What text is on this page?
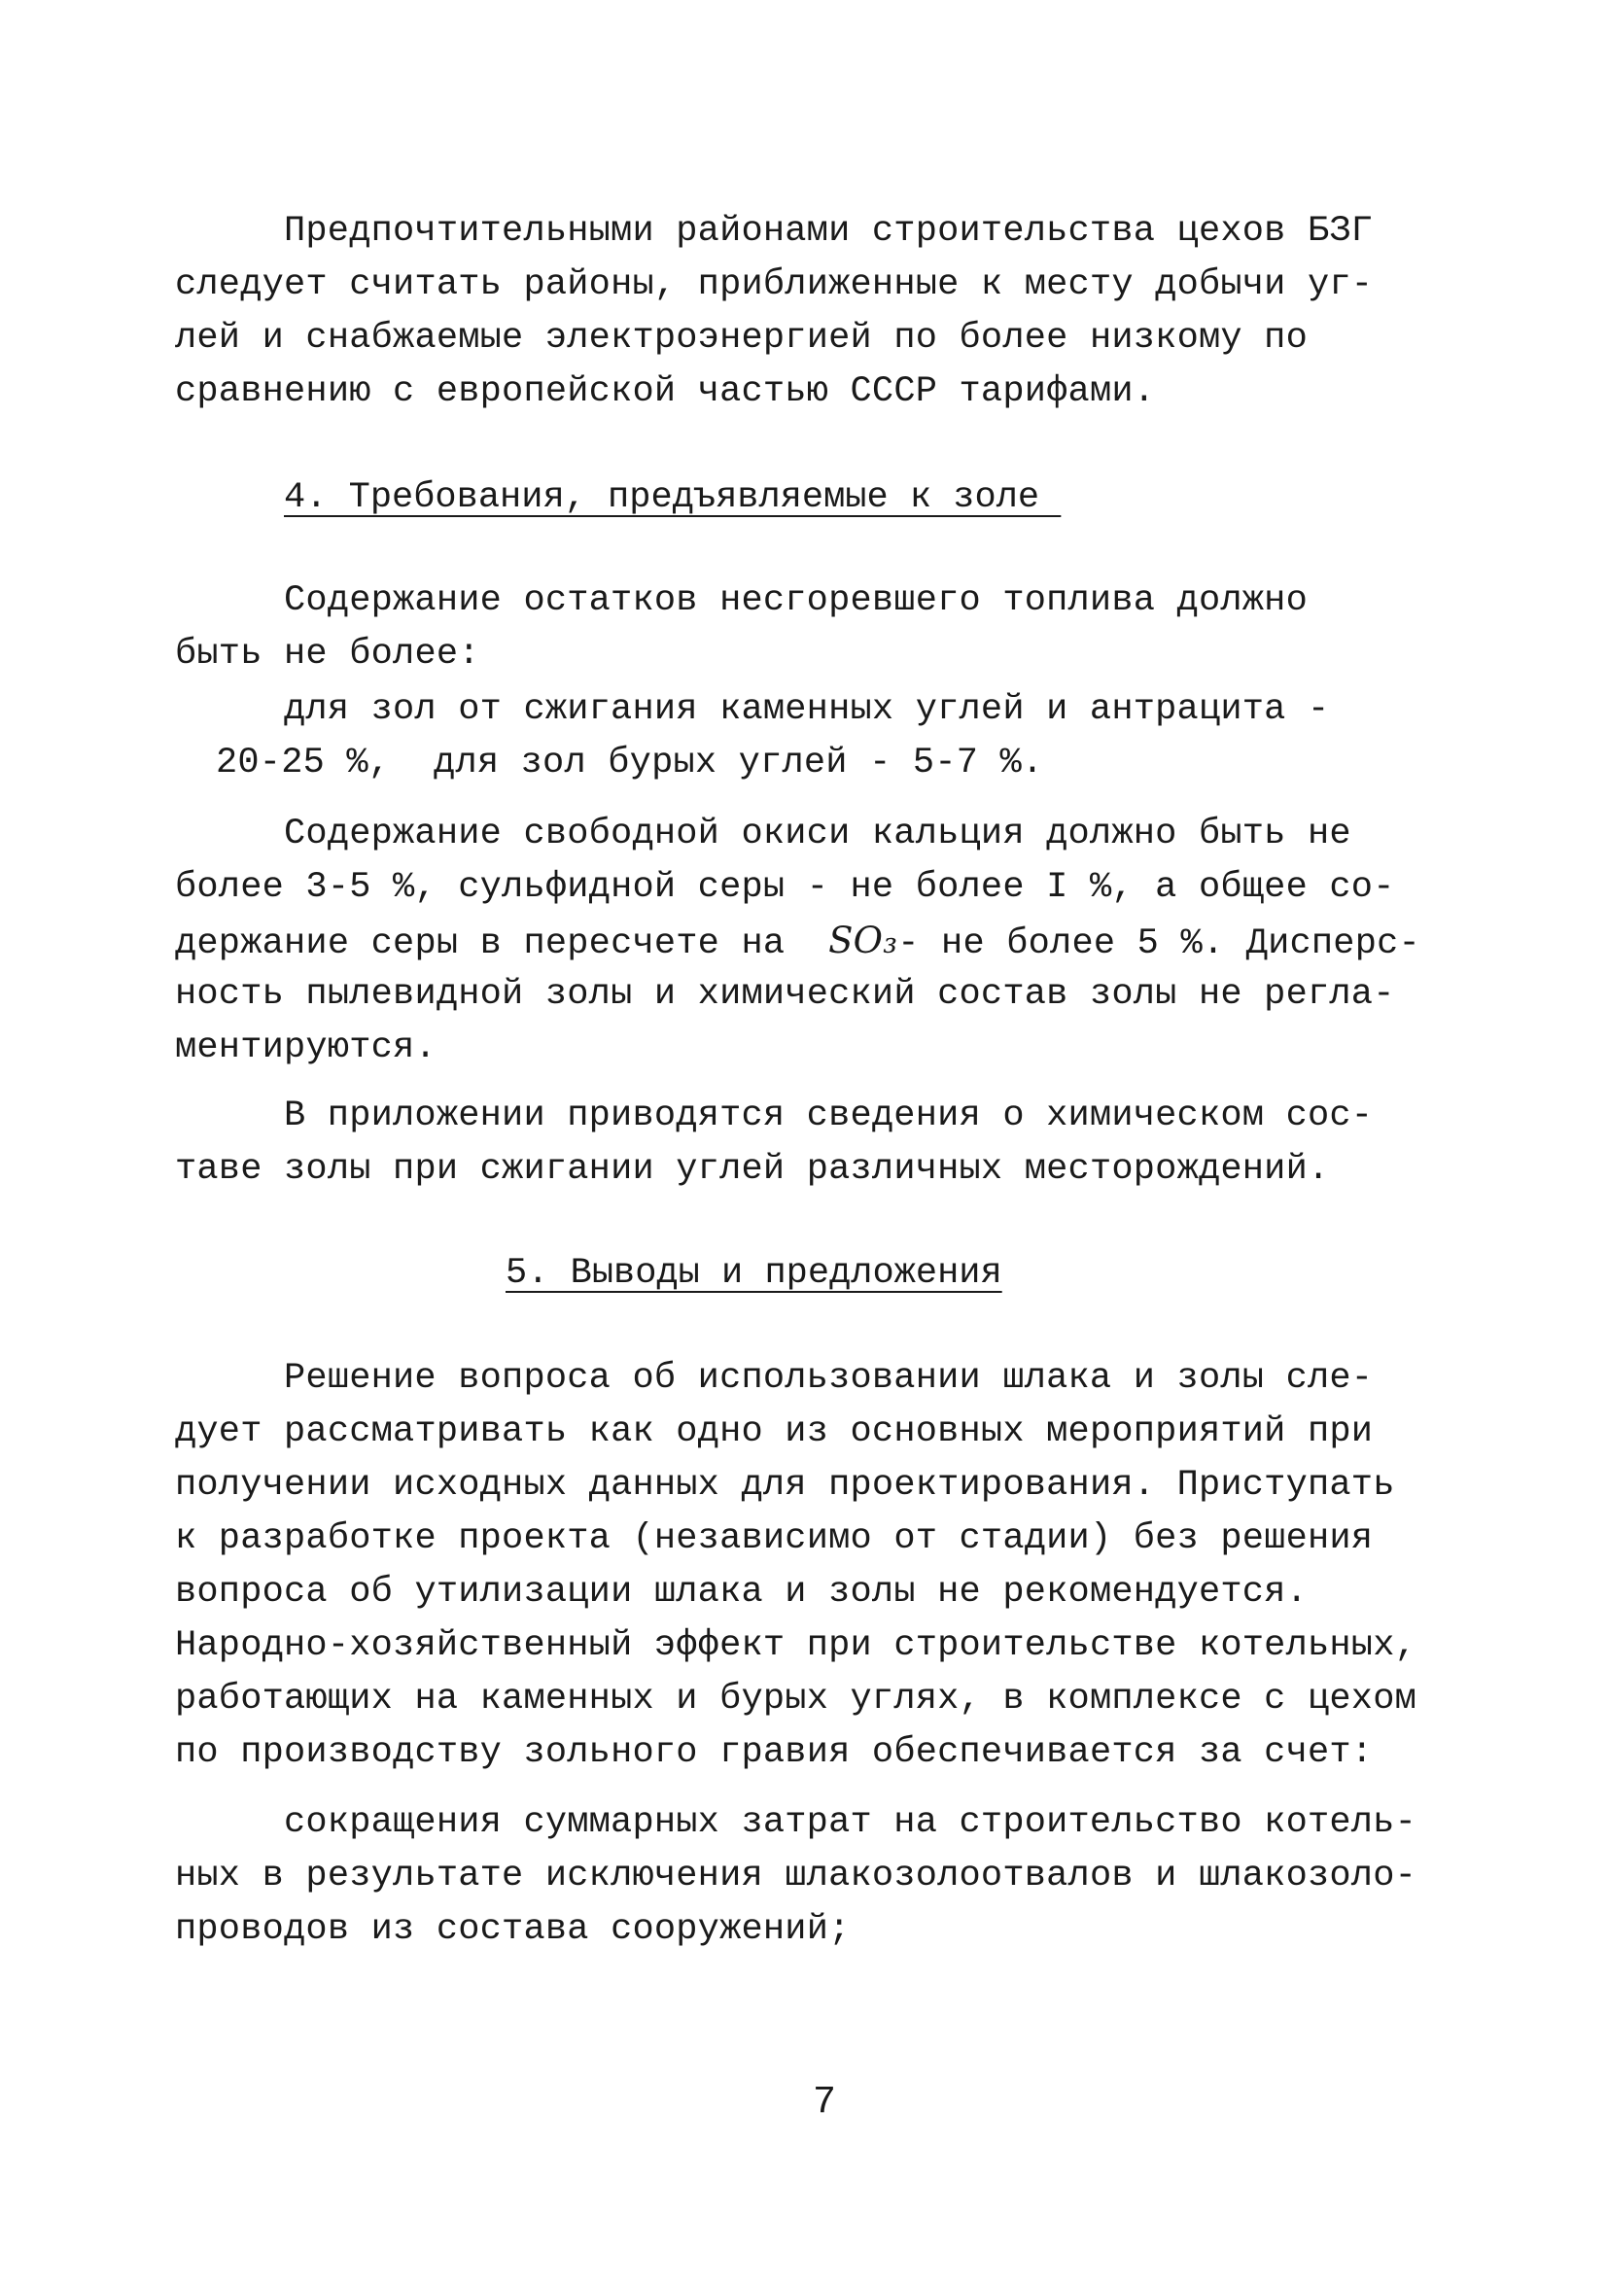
Предпочтительными районами строительства цехов БЗГ
следует считать районы, приближенные к месту добычи уг-
лей и снабжаемые электроэнергией по более низкому по
сравнению с европейской частью СССР тарифами.
4. Требования, предъявляемые к золе
Содержание остатков несгоревшего топлива должно
быть не более:
для зол от сжигания каменных углей и антрацита -
20-25 %,  для зол бурых углей - 5-7 %.
Содержание свободной окиси кальция должно быть не
более 3-5 %, сульфидной серы - не более I %, а общее со-
держание серы в пересчете на  SO₃- не более 5 %. Дисперс-
ность пылевидной золы и химический состав золы не регла-
ментируются.
В приложении приводятся сведения о химическом сос-
таве золы при сжигании углей различных месторождений.
5. Выводы и предложения
Решение вопроса об использовании шлака и золы сле-
дует рассматривать как одно из основных мероприятий при
получении исходных данных для проектирования. Приступать
к разработке проекта (независимо от стадии) без решения
вопроса об утилизации шлака и золы не рекомендуется.
Народно-хозяйственный эффект при строительстве котельных,
работающих на каменных и бурых углях, в комплексе с цехом
по производству зольного гравия обеспечивается за счет:
сокращения суммарных затрат на строительство котель-
ных в результате исключения шлакозолоотвалов и шлакозоло-
проводов из состава сооружений;
7
